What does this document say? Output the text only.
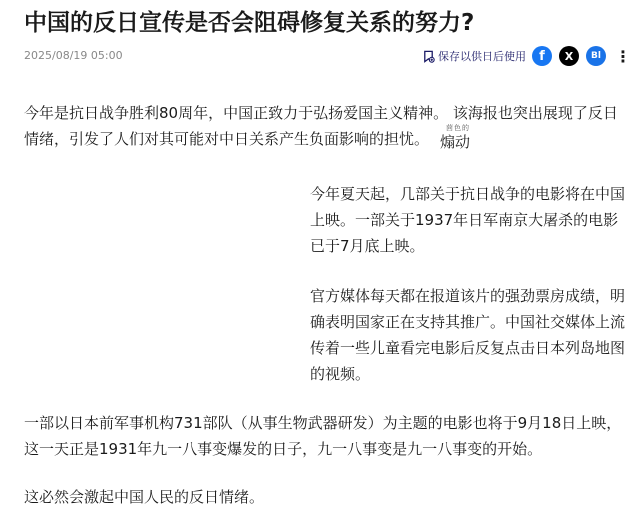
中国的反日宣传是否会阻碍修复关系的努力?
2025/08/19 05:00	保存以供日后使用 f X Bl ⋮

今年是抗日战争胜利80周年，中国正致力于弘扬爱国主义精神。 该海报也突出展现了反日情绪，引发了人们对其可能对中日关系产生负面影响的担忧。

茴色的
煽动

今年夏天起，几部关于抗日战争的电影将在中国上映。一部关于1937年日军南京大屠杀的电影已于7月底上映。

官方媒体每天都在报道该片的强劲票房成绩，明确表明国家正在支持其推广。中国社交媒体上流传着一些儿童看完电影后反复点击日本列岛地图的视频。

一部以日本前军事机构731部队（从事生物武器研发）为主题的电影也将于9月18日上映，这一天正是1931年九一八事变爆发的日子，九一八事变是九一八事变的开始。

这必然会激起中国人民的反日情绪。
